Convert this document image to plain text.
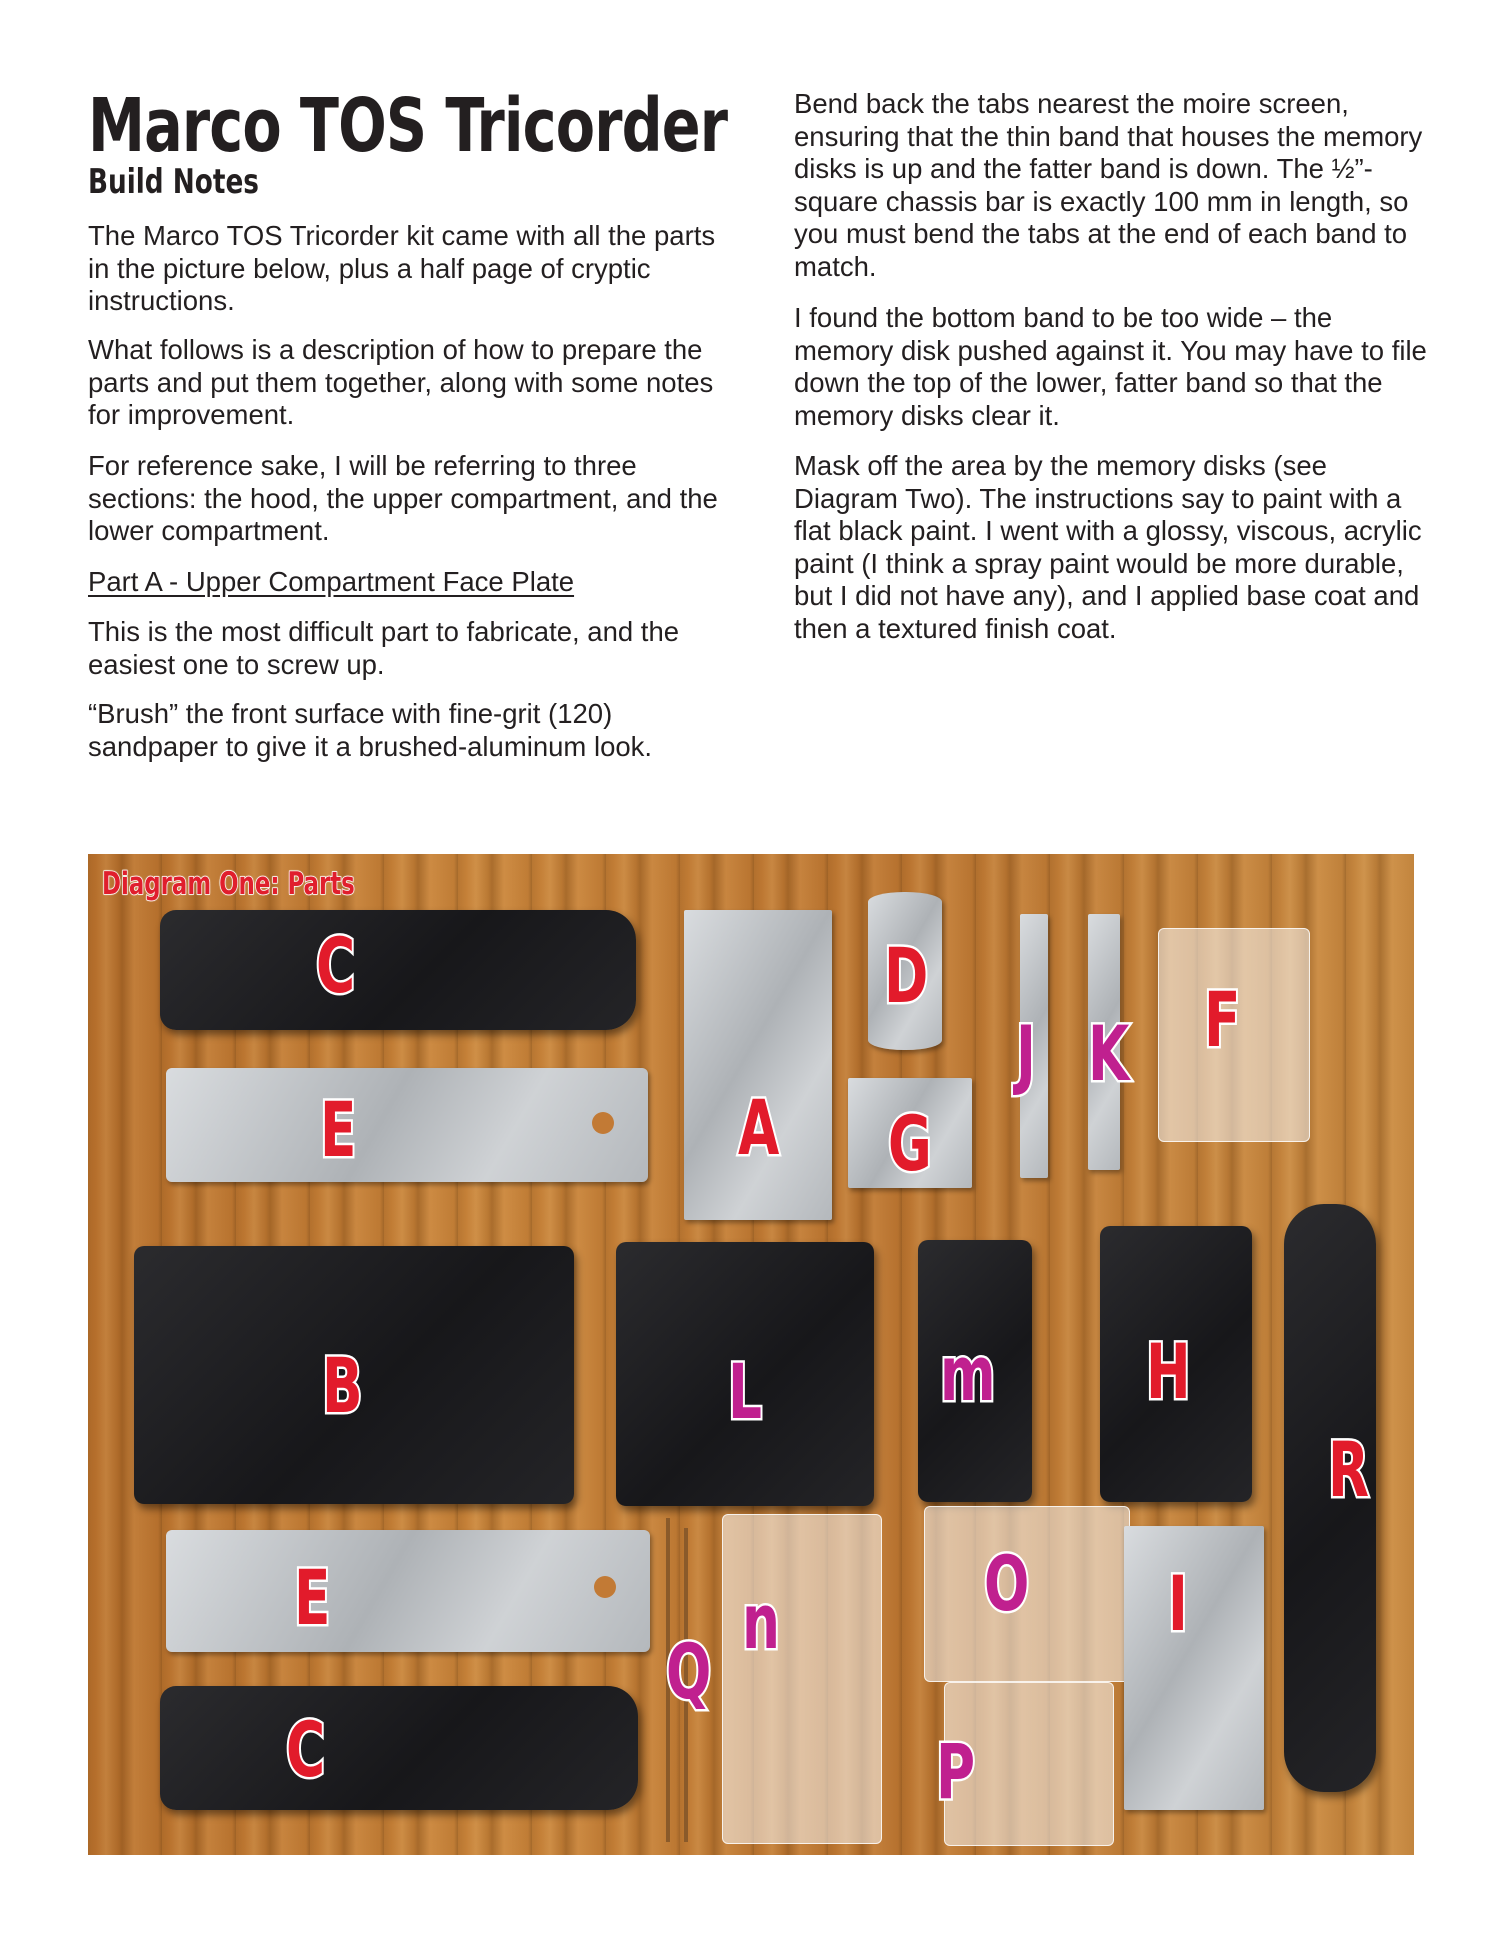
Marco TOS Tricorder
Build Notes

The Marco TOS Tricorder kit came with all the parts in the picture below, plus a half page of cryptic instructions.

What follows is a description of how to prepare the parts and put them together, along with some notes for improvement.

For reference sake, I will be referring to three sections: the hood, the upper compartment, and the lower compartment.

Part A - Upper Compartment Face Plate

This is the most difficult part to fabricate, and the easiest one to screw up.

“Brush” the front surface with fine-grit (120) sandpaper to give it a brushed-aluminum look.

Bend back the tabs nearest the moire screen, ensuring that the thin band that houses the memory disks is up and the fatter band is down. The ½”-square chassis bar is exactly 100 mm in length, so you must bend the tabs at the end of each band to match.

I found the bottom band to be too wide – the memory disk pushed against it. You may have to file down the top of the lower, fatter band so that the memory disks clear it.

Mask off the area by the memory disks (see Diagram Two). The instructions say to paint with a flat black paint. I went with a glossy, viscous, acrylic paint (I think a spray paint would be more durable, but I did not have any), and I applied base coat and then a textured finish coat.

Diagram One: Parts

C
E	A
D
G
J K F
B	L m H
R
E
Q
n	O I
C	P
